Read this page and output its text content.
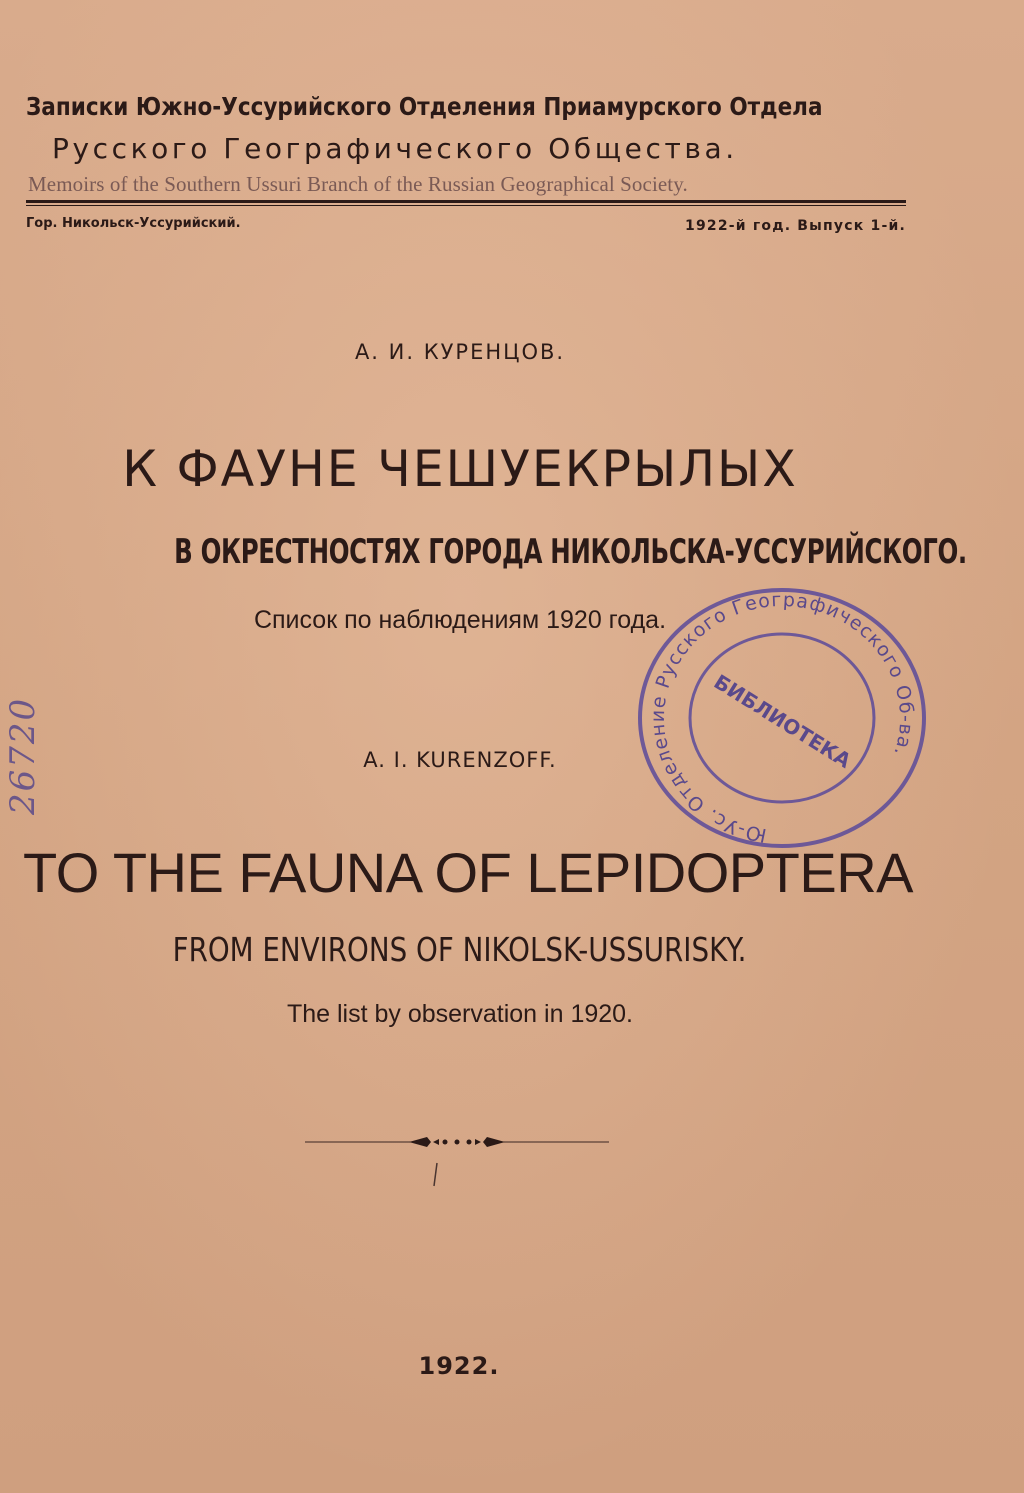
Записки Южно-Уссурийского Отделения Приамурского Отдела
Русского Географического Общества.
Memoirs of the Southern Ussuri Branch of the Russian Geographical Society.
Гор. Никольск-Уссурийский.	1922-й год. Выпуск 1-й.
А. И. КУРЕНЦОВ.
К ФАУНЕ ЧЕШУЕКРЫЛЫХ
В ОКРЕСТНОСТЯХ ГОРОДА НИКОЛЬСКА-УССУРИЙСКОГО.
Список по наблюдениям 1920 года.
A. I. KURENZOFF.
TO THE FAUNA OF LEPIDOPTERA
FROM ENVIRONS OF NIKOLSK-USSURISKY.
The list by observation in 1920.
1922.
Ю-Ус. Отделение Русского Географического Об-ва.
БИБЛИОТЕКА
26720
